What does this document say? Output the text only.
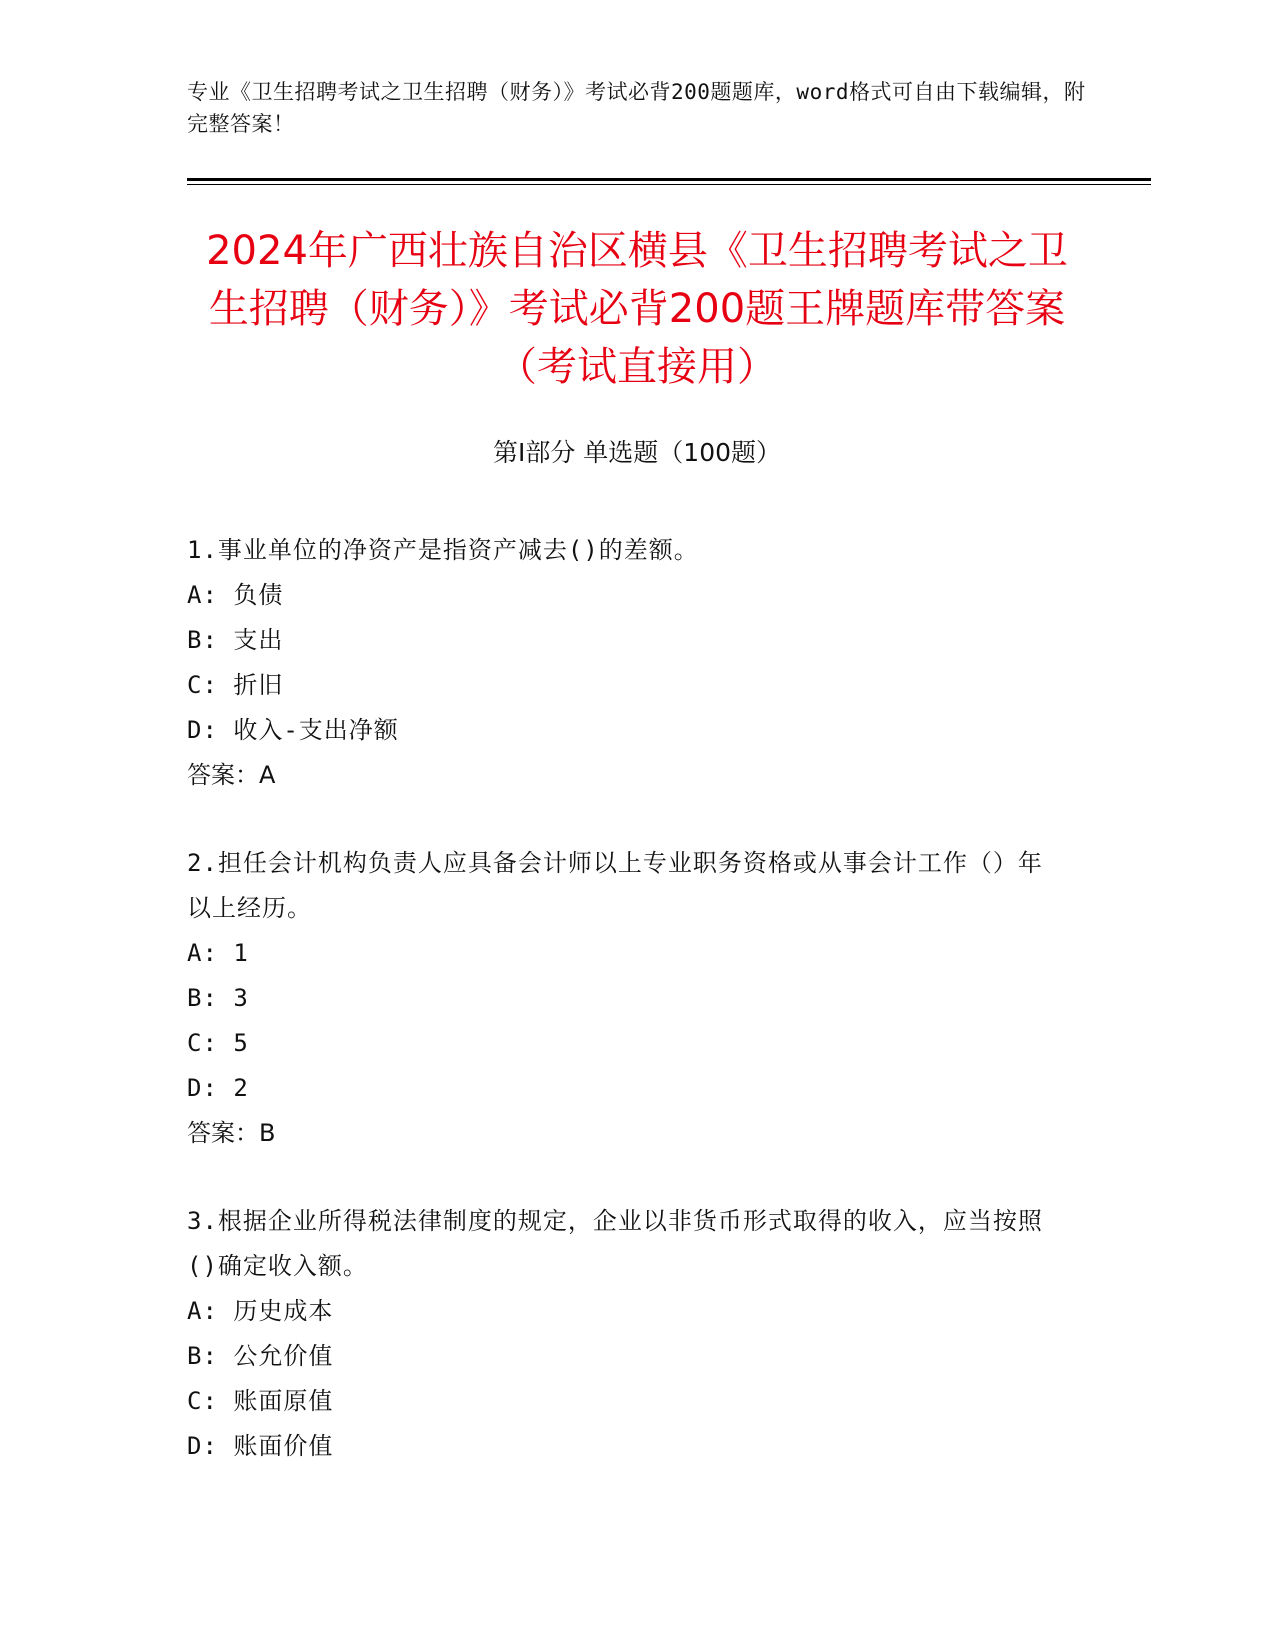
专业《卫生招聘考试之卫生招聘（财务）》考试必背200题题库，word格式可自由下载编辑，附完整答案！
2024年广西壮族自治区横县《卫生招聘考试之卫生招聘（财务）》考试必背200题王牌题库带答案（考试直接用）
第Ⅰ部分 单选题（100题）

1.事业单位的净资产是指资产减去()的差额。

A: 负债

B: 支出

C: 折旧

D: 收入-支出净额

答案：A

2.担任会计机构负责人应具备会计师以上专业职务资格或从事会计工作（）年以上经历。

A: 1

B: 3

C: 5

D: 2

答案：B

3.根据企业所得税法律制度的规定，企业以非货币形式取得的收入，应当按照()确定收入额。

A: 历史成本

B: 公允价值

C: 账面原值

D: 账面价值
